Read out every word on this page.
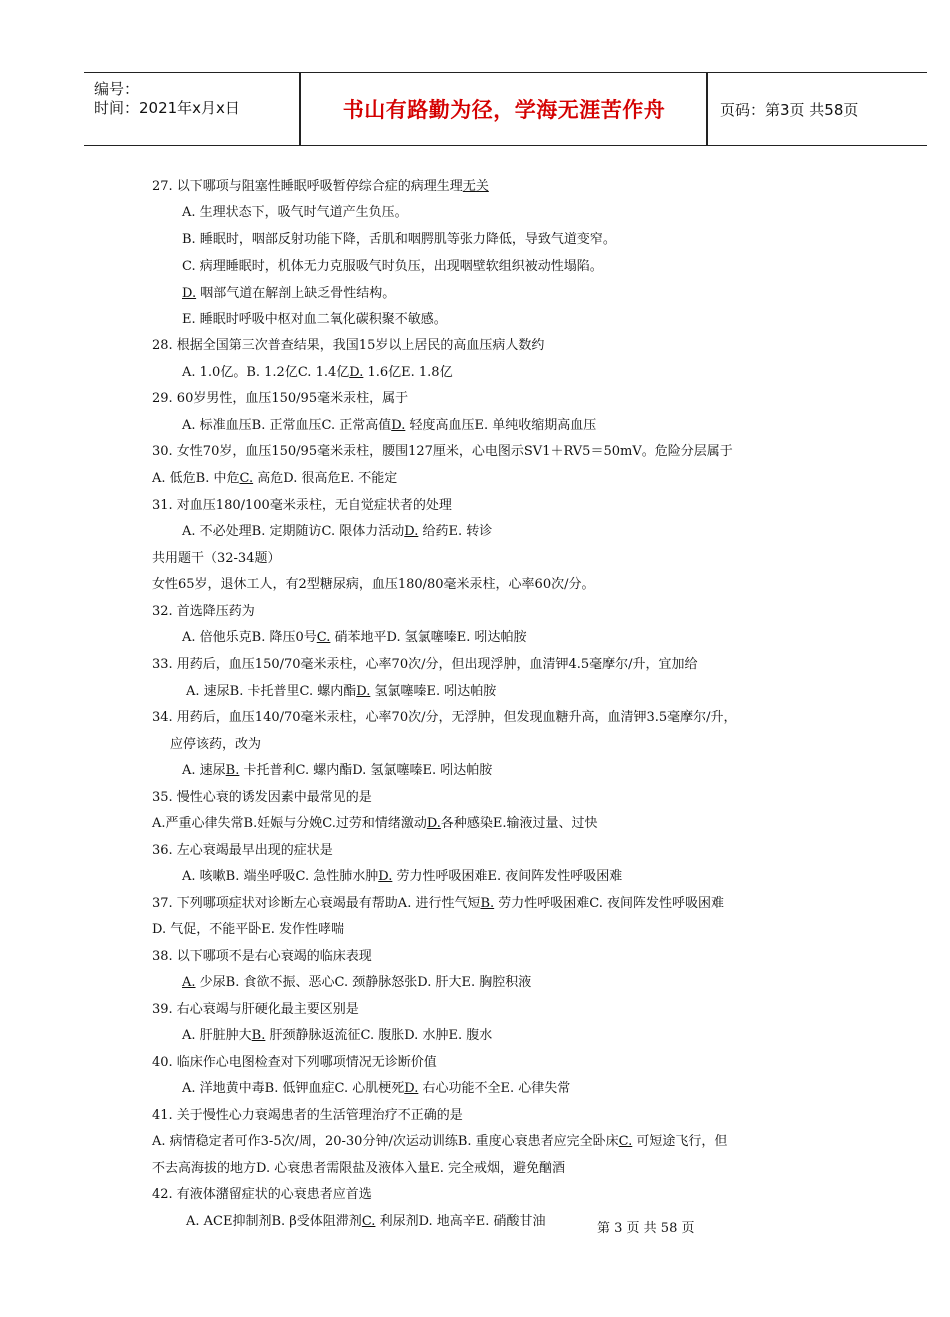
编号：
时间：2021年x月x日	书山有路勤为径，学海无涯苦作舟	页码：第3页 共58页
27. 以下哪项与阻塞性睡眠呼吸暂停综合症的病理生理无关
A. 生理状态下，吸气时气道产生负压。
B. 睡眠时，咽部反射功能下降，舌肌和咽腭肌等张力降低，导致气道变窄。
C. 病理睡眠时，机体无力克服吸气时负压，出现咽壁软组织被动性塌陷。
D. 咽部气道在解剖上缺乏骨性结构。
E. 睡眠时呼吸中枢对血二氧化碳积聚不敏感。
28. 根据全国第三次普查结果，我国15岁以上居民的高血压病人数约
A. 1.0亿。B. 1.2亿C. 1.4亿D. 1.6亿E. 1.8亿
29. 60岁男性，血压150/95毫米汞柱，属于
A. 标准血压B. 正常血压C. 正常高值D. 轻度高血压E. 单纯收缩期高血压
30. 女性70岁，血压150/95毫米汞柱，腰围127厘米，心电图示SV1＋RV5＝50mV。危险分层属于
A. 低危B. 中危C. 高危D. 很高危E. 不能定
31. 对血压180/100毫米汞柱，无自觉症状者的处理
A. 不必处理B. 定期随访C. 限体力活动D. 给药E. 转诊
共用题干（32-34题）
女性65岁，退休工人，有2型糖尿病，血压180/80毫米汞柱，心率60次/分。
32. 首选降压药为
A. 倍他乐克B. 降压0号C. 硝苯地平D. 氢氯噻嗪E. 吲达帕胺
33. 用药后，血压150/70毫米汞柱，心率70次/分，但出现浮肿，血清钾4.5毫摩尔/升，宜加给
A. 速尿B. 卡托普里C. 螺内酯D. 氢氯噻嗪E. 吲达帕胺
34. 用药后，血压140/70毫米汞柱，心率70次/分，无浮肿，但发现血糖升高，血清钾3.5毫摩尔/升，
应停该药，改为
A. 速尿B. 卡托普利C. 螺内酯D. 氢氯噻嗪E. 吲达帕胺
35. 慢性心衰的诱发因素中最常见的是
A.严重心律失常B.妊娠与分娩C.过劳和情绪激动D.各种感染E.输液过量、过快
36. 左心衰竭最早出现的症状是
A. 咳嗽B. 端坐呼吸C. 急性肺水肿D. 劳力性呼吸困难E. 夜间阵发性呼吸困难
37. 下列哪项症状对诊断左心衰竭最有帮助A. 进行性气短B. 劳力性呼吸困难C. 夜间阵发性呼吸困难
D. 气促，不能平卧E. 发作性哮喘
38. 以下哪项不是右心衰竭的临床表现
A. 少尿B. 食欲不振、恶心C. 颈静脉怒张D. 肝大E. 胸腔积液
39. 右心衰竭与肝硬化最主要区别是
A. 肝脏肿大B. 肝颈静脉返流征C. 腹胀D. 水肿E. 腹水
40. 临床作心电图检查对下列哪项情况无诊断价值
A. 洋地黄中毒B. 低钾血症C. 心肌梗死D. 右心功能不全E. 心律失常
41. 关于慢性心力衰竭患者的生活管理治疗不正确的是
A. 病情稳定者可作3-5次/周，20-30分钟/次运动训练B. 重度心衰患者应完全卧床C. 可短途飞行，但
不去高海拔的地方D. 心衰患者需限盐及液体入量E. 完全戒烟，避免酗酒
42. 有液体潴留症状的心衰患者应首选
A. ACE抑制剂B. β受体阻滞剂C. 利尿剂D. 地高辛E. 硝酸甘油	第 3 页 共 58 页
